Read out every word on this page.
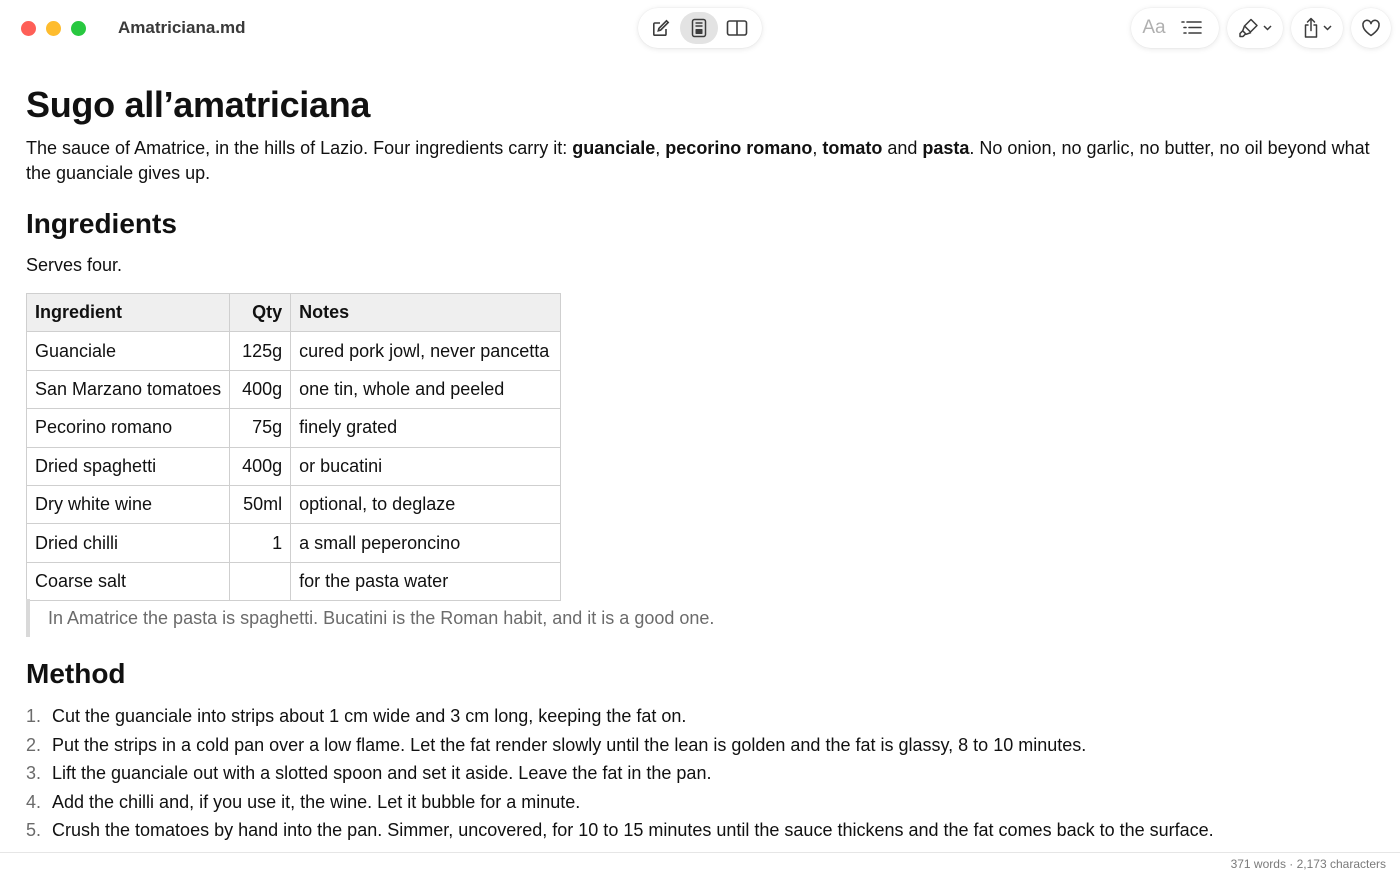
Amatriciana.md	Aa
Sugo all’amatriciana

The sauce of Amatrice, in the hills of Lazio. Four ingredients carry it: guanciale, pecorino romano, tomato and pasta. No onion, no garlic, no butter, no oil beyond what the guanciale gives up.

Ingredients

Serves four.

Ingredient	Qty	Notes
Guanciale	125g	cured pork jowl, never pancetta
San Marzano tomatoes	400g	one tin, whole and peeled
Pecorino romano	75g	finely grated
Dried spaghetti	400g	or bucatini
Dry white wine	50ml	optional, to deglaze
Dried chilli	1	a small peperoncino
Coarse salt		for the pasta water
In Amatrice the pasta is spaghetti. Bucatini is the Roman habit, and it is a good one.
Method
1. Cut the guanciale into strips about 1 cm wide and 3 cm long, keeping the fat on.
2. Put the strips in a cold pan over a low flame. Let the fat render slowly until the lean is golden and the fat is glassy, 8 to 10 minutes.
3. Lift the guanciale out with a slotted spoon and set it aside. Leave the fat in the pan.
4. Add the chilli and, if you use it, the wine. Let it bubble for a minute.
5. Crush the tomatoes by hand into the pan. Simmer, uncovered, for 10 to 15 minutes until the sauce thickens and the fat comes back to the surface.
371 words · 2,173 characters
